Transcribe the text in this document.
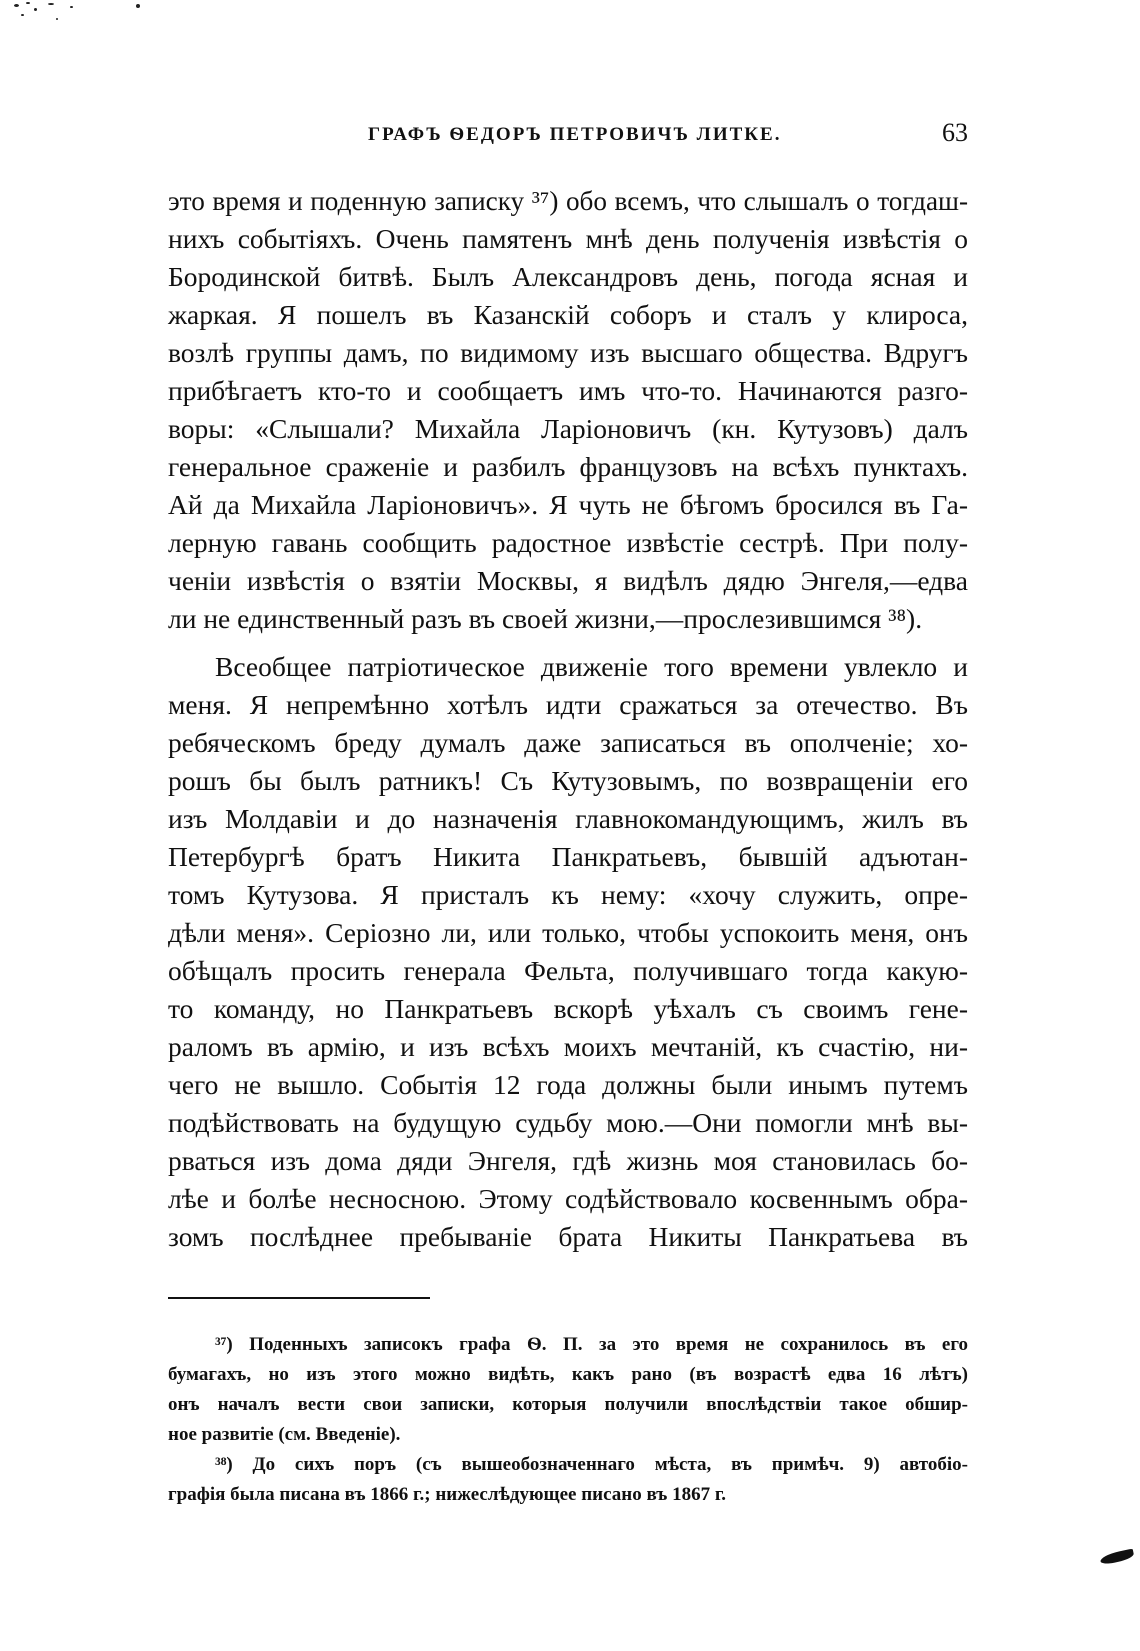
ГРАФЪ ѲЕДОРЪ ПЕТРОВИЧЪ ЛИТКЕ.	63
это время и поденную записку ³⁷) обо всемъ, что слышалъ о тогдаш-
нихъ событіяхъ. Очень памятенъ мнѣ день полученія извѣстія о
Бородинской битвѣ. Былъ Александровъ день, погода ясная и
жаркая. Я пошелъ въ Казанскій соборъ и сталъ у клироса,
возлѣ группы дамъ, по видимому изъ высшаго общества. Вдругъ
прибѣгаетъ кто-то и сообщаетъ имъ что-то. Начинаются разго-
воры: «Слышали? Михайла Ларіоновичъ (кн. Кутузовъ) далъ
генеральное сраженіе и разбилъ французовъ на всѣхъ пунктахъ.
Ай да Михайла Ларіоновичъ». Я чуть не бѣгомъ бросился въ Га-
лерную гавань сообщить радостное извѣстіе сестрѣ. При полу-
ченіи извѣстія о взятіи Москвы, я видѣлъ дядю Энгеля,—едва
ли не единственный разъ въ своей жизни,—прослезившимся ³⁸).
Всеобщее патріотическое движеніе того времени увлекло и
меня. Я непремѣнно хотѣлъ идти сражаться за отечество. Въ
ребяческомъ бреду думалъ даже записаться въ ополченіе; хо-
рошъ бы былъ ратникъ! Съ Кутузовымъ, по возвращеніи его
изъ Молдавіи и до назначенія главнокомандующимъ, жилъ въ
Петербургѣ братъ Никита Панкратьевъ, бывшій адъютан-
томъ Кутузова. Я присталъ къ нему: «хочу служить, опре-
дѣли меня». Серіозно ли, или только, чтобы успокоить меня, онъ
обѣщалъ просить генерала Фельта, получившаго тогда какую-
то команду, но Панкратьевъ вскорѣ уѣхалъ съ своимъ гене-
раломъ въ армію, и изъ всѣхъ моихъ мечтаній, къ счастію, ни-
чего не вышло. Событія 12 года должны были инымъ путемъ
подѣйствовать на будущую судьбу мою.—Они помогли мнѣ вы-
рваться изъ дома дяди Энгеля, гдѣ жизнь моя становилась бо-
лѣе и болѣе несносною. Этому содѣйствовало косвеннымъ обра-
зомъ послѣднее пребываніе брата Никиты Панкратьева въ
³⁷) Поденныхъ записокъ графа Ѳ. П. за это время не сохранилось въ его
бумагахъ, но изъ этого можно видѣть, какъ рано (въ возрастѣ едва 16 лѣтъ)
онъ началъ вести свои записки, которыя получили впослѣдствіи такое обшир-
ное развитіе (см. Введеніе).
³⁸) До сихъ поръ (съ вышеобозначеннаго мѣста, въ примѣч. 9) автобіо-
графія была писана въ 1866 г.; нижеслѣдующее писано въ 1867 г.
